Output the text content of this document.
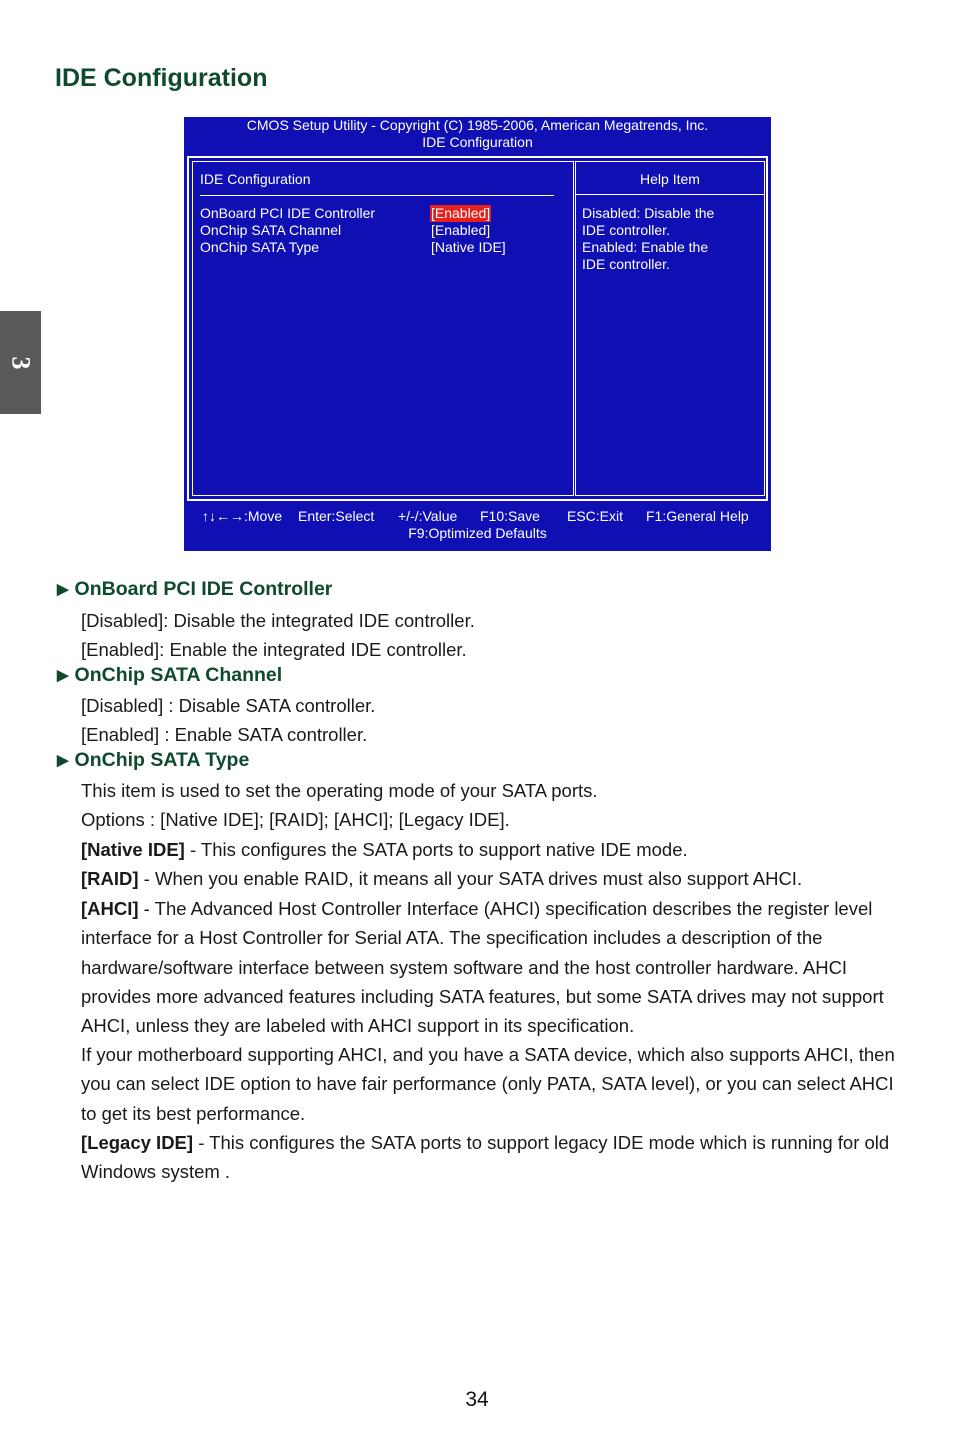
IDE Configuration
3
CMOS Setup Utility - Copyright (C) 1985-2006, American Megatrends, Inc.
IDE Configuration
IDE Configuration
OnBoard PCI IDE Controller	[Enabled]
OnChip SATA Channel	[Enabled]
OnChip SATA Type	[Native IDE]
Help Item
Disabled: Disable the
IDE controller.
Enabled: Enable the
IDE controller.
↑↓←→:Move Enter:Select +/-/:Value F10:Save ESC:Exit F1:General Help
F9:Optimized Defaults
▶ OnBoard PCI IDE Controller

[Disabled]: Disable the integrated IDE controller.

[Enabled]: Enable the integrated IDE controller.

▶ OnChip SATA Channel

[Disabled] : Disable SATA controller.

[Enabled] : Enable SATA controller.

▶ OnChip SATA Type

This item is used to set the operating mode of your SATA ports.

Options : [Native IDE]; [RAID]; [AHCI]; [Legacy IDE].

[Native IDE] - This configures the SATA ports to support native IDE mode.

[RAID] - When you enable RAID, it means all your SATA drives must also support AHCI.

[AHCI] - The Advanced Host Controller Interface (AHCI) specification describes the register level interface for a Host Controller for Serial ATA. The specification includes a description of the hardware/software interface between system software and the host controller hardware. AHCI provides more advanced features including SATA features, but some SATA drives may not support AHCI, unless they are labeled with AHCI support in its specification.

If your motherboard supporting AHCI, and you have a SATA device, which also supports AHCI, then you can select IDE option to have fair performance (only PATA, SATA level), or you can select AHCI to get its best performance.

[Legacy IDE] - This configures the SATA ports to support legacy IDE mode which is running for old Windows system .

34
